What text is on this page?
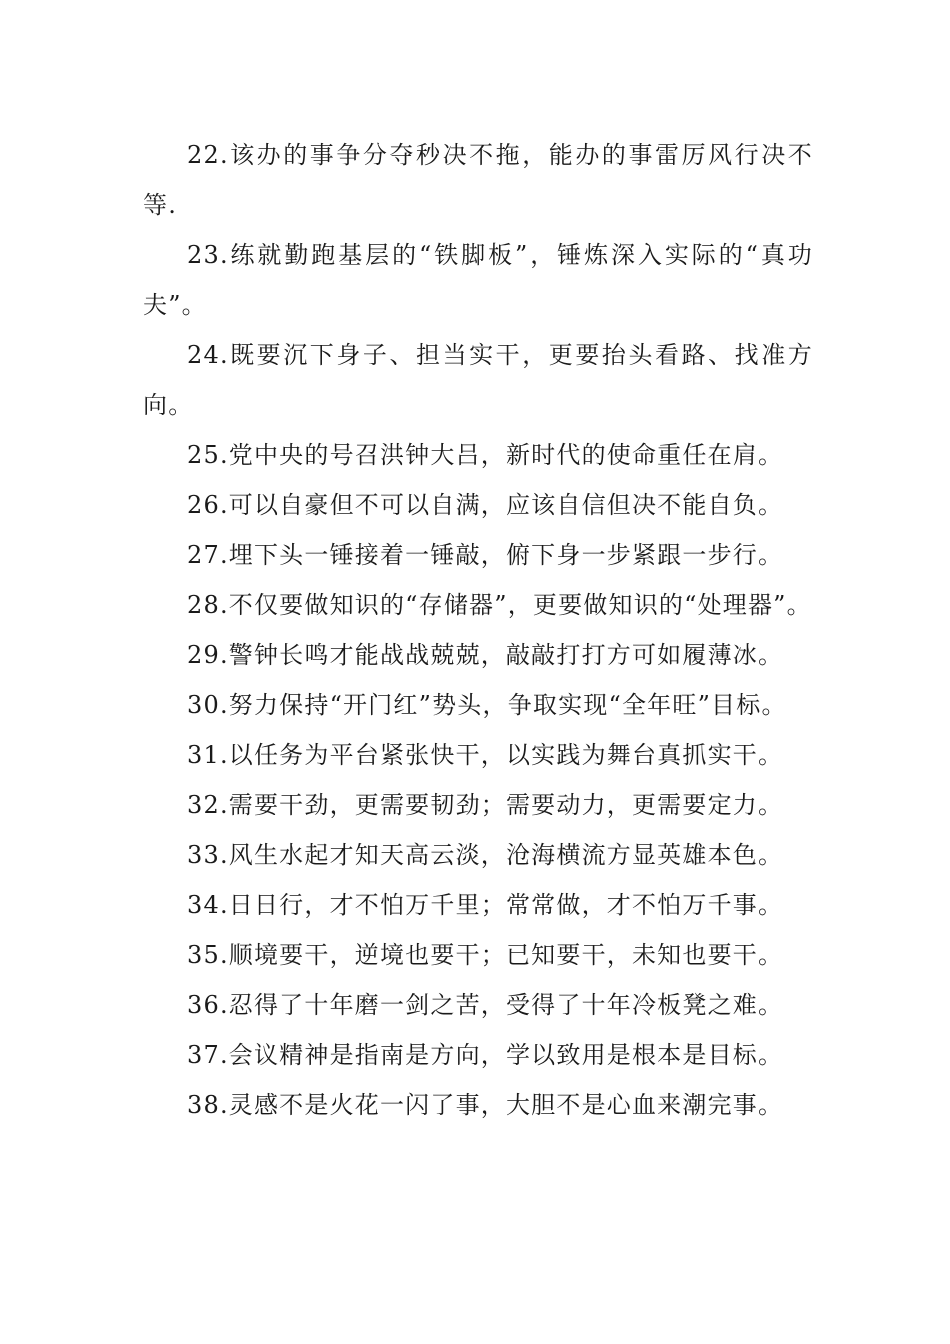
22.该办的事争分夺秒决不拖，能办的事雷厉风行决不等.

23.练就勤跑基层的“铁脚板”，锤炼深入实际的“真功夫”。

24.既要沉下身子、担当实干，更要抬头看路、找准方向。

25.党中央的号召洪钟大吕，新时代的使命重任在肩。

26.可以自豪但不可以自满，应该自信但决不能自负。

27.埋下头一锤接着一锤敲，俯下身一步紧跟一步行。

28.不仅要做知识的“存储器”，更要做知识的“处理器”。

29.警钟长鸣才能战战兢兢，敲敲打打方可如履薄冰。

30.努力保持“开门红”势头，争取实现“全年旺”目标。

31.以任务为平台紧张快干，以实践为舞台真抓实干。

32.需要干劲，更需要韧劲；需要动力，更需要定力。

33.风生水起才知天高云淡，沧海横流方显英雄本色。

34.日日行，才不怕万千里；常常做，才不怕万千事。

35.顺境要干，逆境也要干；已知要干，未知也要干。

36.忍得了十年磨一剑之苦，受得了十年冷板凳之难。

37.会议精神是指南是方向，学以致用是根本是目标。

38.灵感不是火花一闪了事，大胆不是心血来潮完事。
